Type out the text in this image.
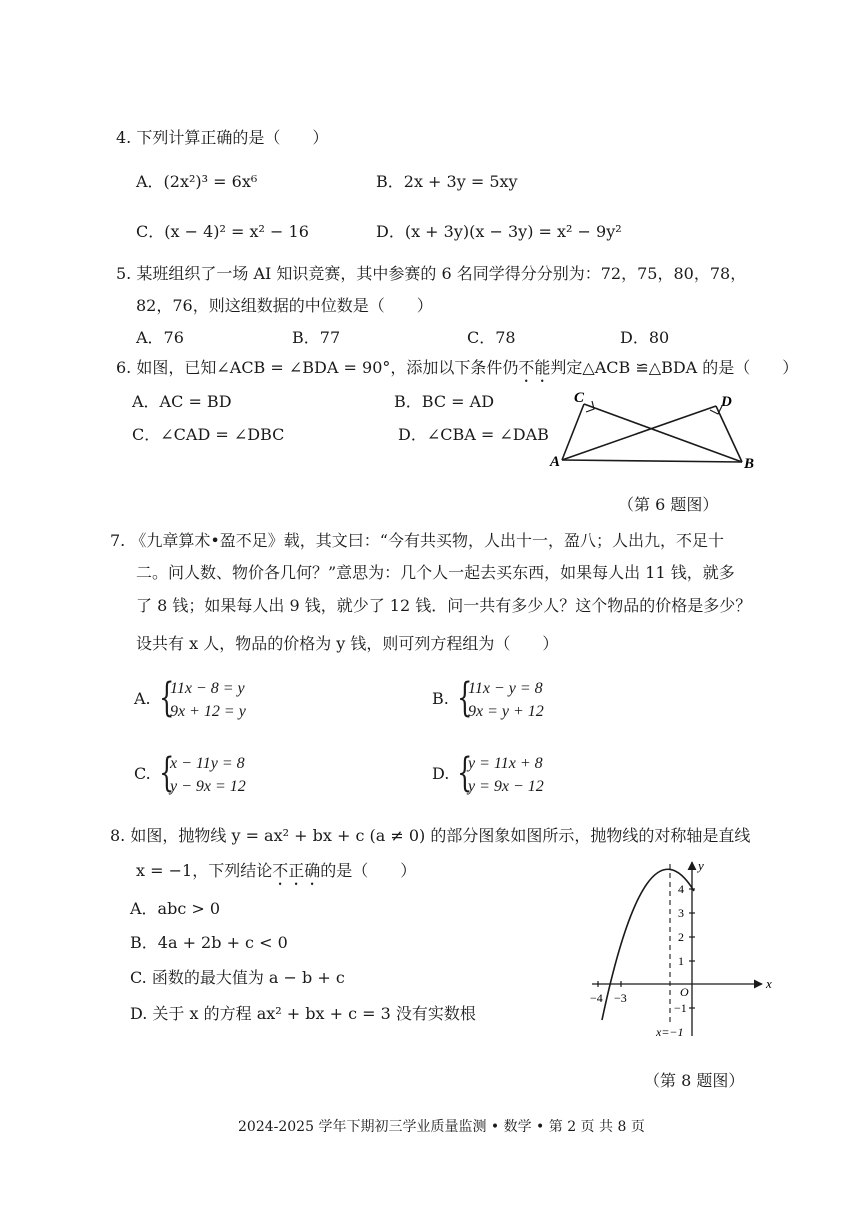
4. 下列计算正确的是（　　）
A．(2x²)³ = 6x⁶	B．2x + 3y = 5xy
C．(x − 4)² = x² − 16	D．(x + 3y)(x − 3y) = x² − 9y²
5. 某班组织了一场 AI 知识竞赛，其中参赛的 6 名同学得分分别为：72，75，80，78，
82，76，则这组数据的中位数是（　　）
A．76	B．77	C．78	D．80
6. 如图，已知∠ACB = ∠BDA = 90°，添加以下条件仍不能判定△ACB ≌△BDA 的是（　　）
A．AC = BD	B．BC = AD
C．∠CAD = ∠DBC	D．∠CBA = ∠DAB
C	D
A	B
（第 6 题图）
7. 《九章算术•盈不足》载，其文曰：“今有共买物，人出十一，盈八；人出九，不足十
二。问人数、物价各几何？”意思为：几个人一起去买东西，如果每人出 11 钱，就多
了 8 钱；如果每人出 9 钱，就少了 12 钱．问一共有多少人？这个物品的价格是多少？
设共有 x 人，物品的价格为 y 钱，则可列方程组为（　　）
A. {
11x − 8 = y
9x + 12 = y
B. {
11x − y = 8
9x = y + 12
C. {
x − 11y = 8
y − 9x = 12
D. {
y = 11x + 8
y = 9x − 12
8. 如图，抛物线 y = ax² + bx + c (a ≠ 0) 的部分图象如图所示，抛物线的对称轴是直线
x = −1，下列结论不正确的是（　　）
A．abc > 0
B．4a + 2b + c < 0
C. 函数的最大值为 a − b + c
D. 关于 x 的方程 ax² + bx + c = 3 没有实数根
x
y
O
−4 −3
4
3
2
1
−1
x=−1
（第 8 题图）
2024-2025 学年下期初三学业质量监测 • 数学 • 第 2 页 共 8 页
